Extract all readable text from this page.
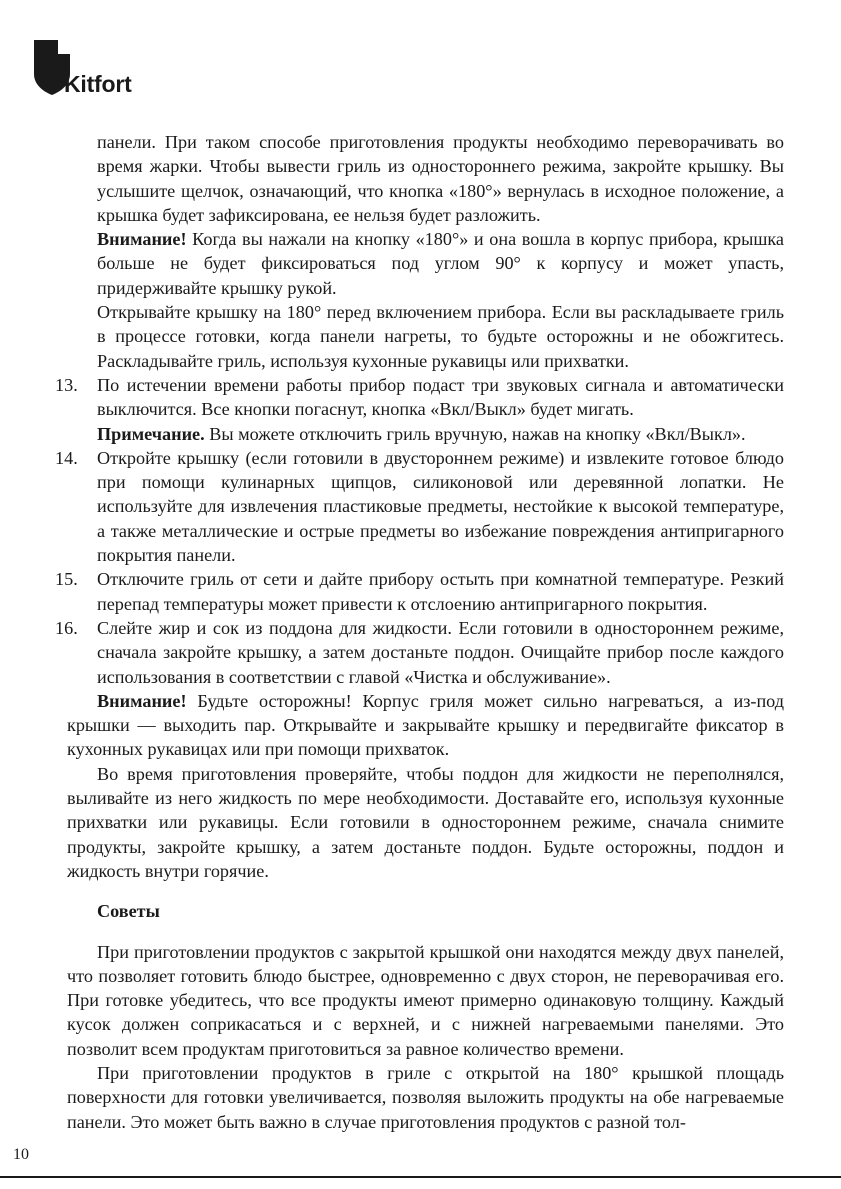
Kitfort

панели. При таком способе приготовления продукты необходимо переворачивать во время жарки. Чтобы вывести гриль из одностороннего режима, закройте крышку. Вы услышите щелчок, означающий, что кнопка «180°» вернулась в исходное положение, а крышка будет зафиксирована, ее нельзя будет разложить.

Внимание! Когда вы нажали на кнопку «180°» и она вошла в корпус прибора, крышка больше не будет фиксироваться под углом 90° к корпусу и может упасть, придерживайте крышку рукой.

Открывайте крышку на 180° перед включением прибора. Если вы раскладываете гриль в процессе готовки, когда панели нагреты, то будьте осторожны и не обожгитесь. Раскладывайте гриль, используя кухонные рукавицы или прихватки.

13. По истечении времени работы прибор подаст три звуковых сигнала и автоматически выключится. Все кнопки погаснут, кнопка «Вкл/Выкл» будет мигать.

Примечание. Вы можете отключить гриль вручную, нажав на кнопку «Вкл/Выкл».

14. Откройте крышку (если готовили в двустороннем режиме) и извлеките готовое блюдо при помощи кулинарных щипцов, силиконовой или деревянной лопатки. Не используйте для извлечения пластиковые предметы, нестойкие к высокой температуре, а также металлические и острые предметы во избежание повреждения антипригарного покрытия панели.

15. Отключите гриль от сети и дайте прибору остыть при комнатной температуре. Резкий перепад температуры может привести к отслоению антипригарного покрытия.

16. Слейте жир и сок из поддона для жидкости. Если готовили в одностороннем режиме, сначала закройте крышку, а затем достаньте поддон. Очищайте прибор после каждого использования в соответствии с главой «Чистка и обслуживание».

Внимание! Будьте осторожны! Корпус гриля может сильно нагреваться, а из-под крышки — выходить пар. Открывайте и закрывайте крышку и передвигайте фиксатор в кухонных рукавицах или при помощи прихваток.

Во время приготовления проверяйте, чтобы поддон для жидкости не переполнялся, выливайте из него жидкость по мере необходимости. Доставайте его, используя кухонные прихватки или рукавицы. Если готовили в одностороннем режиме, сначала снимите продукты, закройте крышку, а затем достаньте поддон. Будьте осторожны, поддон и жидкость внутри горячие.

Советы

При приготовлении продуктов с закрытой крышкой они находятся между двух панелей, что позволяет готовить блюдо быстрее, одновременно с двух сторон, не переворачивая его. При готовке убедитесь, что все продукты имеют примерно одинаковую толщину. Каждый кусок должен соприкасаться и с верхней, и с нижней нагреваемыми панелями. Это позволит всем продуктам приготовиться за равное количество времени.

При приготовлении продуктов в гриле с открытой на 180° крышкой площадь поверхности для готовки увеличивается, позволяя выложить продукты на обе нагреваемые панели. Это может быть важно в случае приготовления продуктов с разной тол-

10
